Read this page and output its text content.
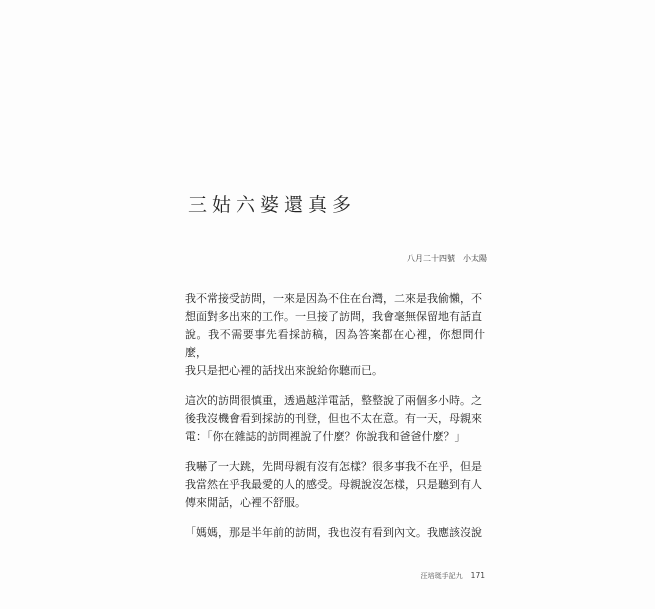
三姑六婆還真多
八月二十四號　小太陽

我不常接受訪問，一來是因為不住在台灣，二來是我偷懶，不
想面對多出來的工作。一旦接了訪問，我會毫無保留地有話直
說。我不需要事先看採訪稿，因為答案都在心裡，你想問什麼，
我只是把心裡的話找出來說給你聽而已。

這次的訪問很慎重，透過越洋電話，整整說了兩個多小時。之
後我沒機會看到採訪的刊登，但也不太在意。有一天，母親來
電：「你在雜誌的訪問裡說了什麼？你說我和爸爸什麼？」

我嚇了一大跳，先問母親有沒有怎樣？很多事我不在乎，但是
我當然在乎我最愛的人的感受。母親說沒怎樣，只是聽到有人
傳來閒話，心裡不舒服。

「媽媽，那是半年前的訪問，我也沒有看到內文。我應該沒說

汪培珽手記九 171
